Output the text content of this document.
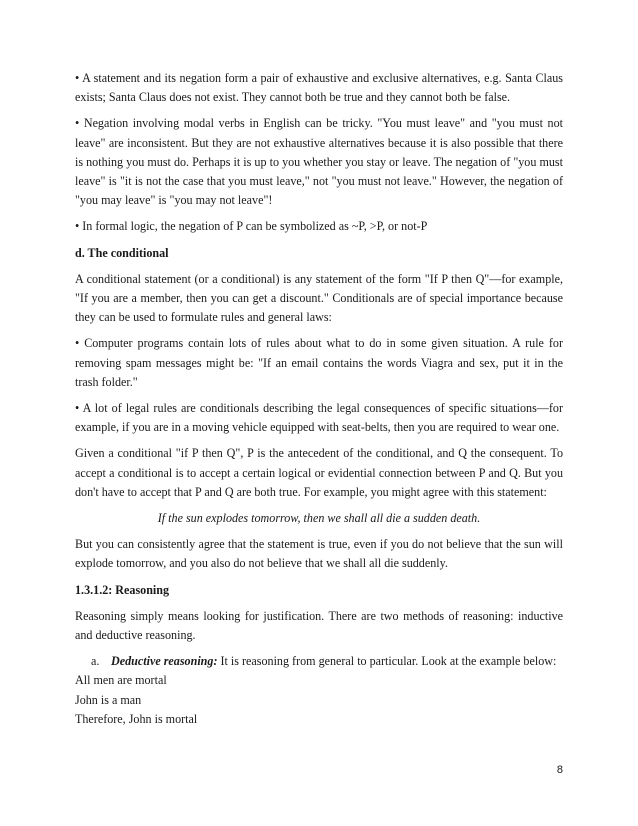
• A statement and its negation form a pair of exhaustive and exclusive alternatives, e.g. Santa Claus exists; Santa Claus does not exist. They cannot both be true and they cannot both be false.

• Negation involving modal verbs in English can be tricky. "You must leave" and "you must not leave" are inconsistent. But they are not exhaustive alternatives because it is also possible that there is nothing you must do. Perhaps it is up to you whether you stay or leave. The negation of "you must leave" is "it is not the case that you must leave," not "you must not leave." However, the negation of "you may leave" is "you may not leave"!

• In formal logic, the negation of P can be symbolized as ~P, >P, or not-P

d. The conditional

A conditional statement (or a conditional) is any statement of the form "If P then Q"—for example, "If you are a member, then you can get a discount." Conditionals are of special importance because they can be used to formulate rules and general laws:

• Computer programs contain lots of rules about what to do in some given situation. A rule for removing spam messages might be: "If an email contains the words Viagra and sex, put it in the trash folder."

• A lot of legal rules are conditionals describing the legal consequences of specific situations—for example, if you are in a moving vehicle equipped with seat-belts, then you are required to wear one.

Given a conditional "if P then Q", P is the antecedent of the conditional, and Q the consequent. To accept a conditional is to accept a certain logical or evidential connection between P and Q. But you don't have to accept that P and Q are both true. For example, you might agree with this statement:

If the sun explodes tomorrow, then we shall all die a sudden death.

But you can consistently agree that the statement is true, even if you do not believe that the sun will explode tomorrow, and you also do not believe that we shall all die suddenly.

1.3.1.2: Reasoning

Reasoning simply means looking for justification. There are two methods of reasoning: inductive and deductive reasoning.

a. Deductive reasoning: It is reasoning from general to particular. Look at the example below:

All men are mortal

John is a man

Therefore, John is mortal

8
